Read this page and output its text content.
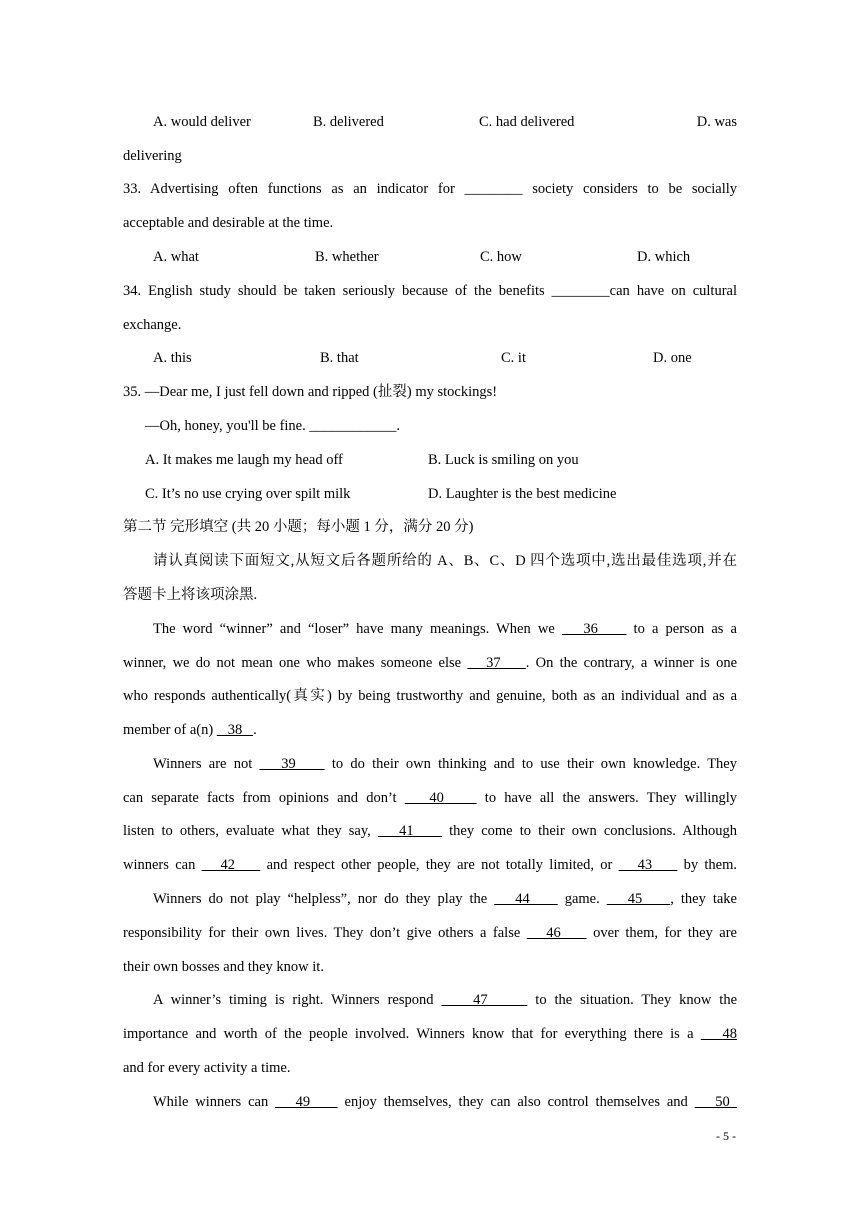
A. would deliver	B. delivered	C. had delivered	D. was
delivering
33. Advertising often functions as an indicator for ________ society considers to be socially
acceptable and desirable at the time.
A. what	B. whether	C. how	D. which
34. English study should be taken seriously because of the benefits ________can have on cultural
exchange.
A. this	B. that	C. it	D. one
35. —Dear me, I just fell down and ripped (扯裂) my stockings!
—Oh, honey, you'll be fine. ____________.
A. It makes me laugh my head off	B. Luck is smiling on you
C. It’s no use crying over spilt milk	D. Laughter is the best medicine
第二节 完形填空 (共 20 小题；每小题 1 分，满分 20 分)
请认真阅读下面短文,从短文后各题所给的 A、B、C、D 四个选项中,选出最佳选项,并在
答题卡上将该项涂黑.
The word “winner” and “loser” have many meanings. When we    36     to a person as a
winner, we do not mean one who makes someone else    37    . On the contrary, a winner is one
who responds authentically(真实) by being trustworthy and genuine, both as an individual and as a
member of a(n)    38   .
Winners are not    39     to do their own thinking and to use their own knowledge. They
can separate facts from opinions and don’t    40     to have all the answers. They willingly
listen to others, evaluate what they say,    41     they come to their own conclusions. Although
winners can    42     and respect other people, they are not totally limited, or    43     by them.
Winners do not play “helpless”, nor do they play the    44     game.    45    , they take
responsibility for their own lives. They don’t give others a false    46     over them, for they are
their own bosses and they know it.
A winner’s timing is right. Winners respond     47      to the situation. They know the
importance and worth of the people involved. Winners know that for everything there is a    48
and for every activity a time.
While winners can    49     enjoy themselves, they can also control themselves and    50
- 5 -
